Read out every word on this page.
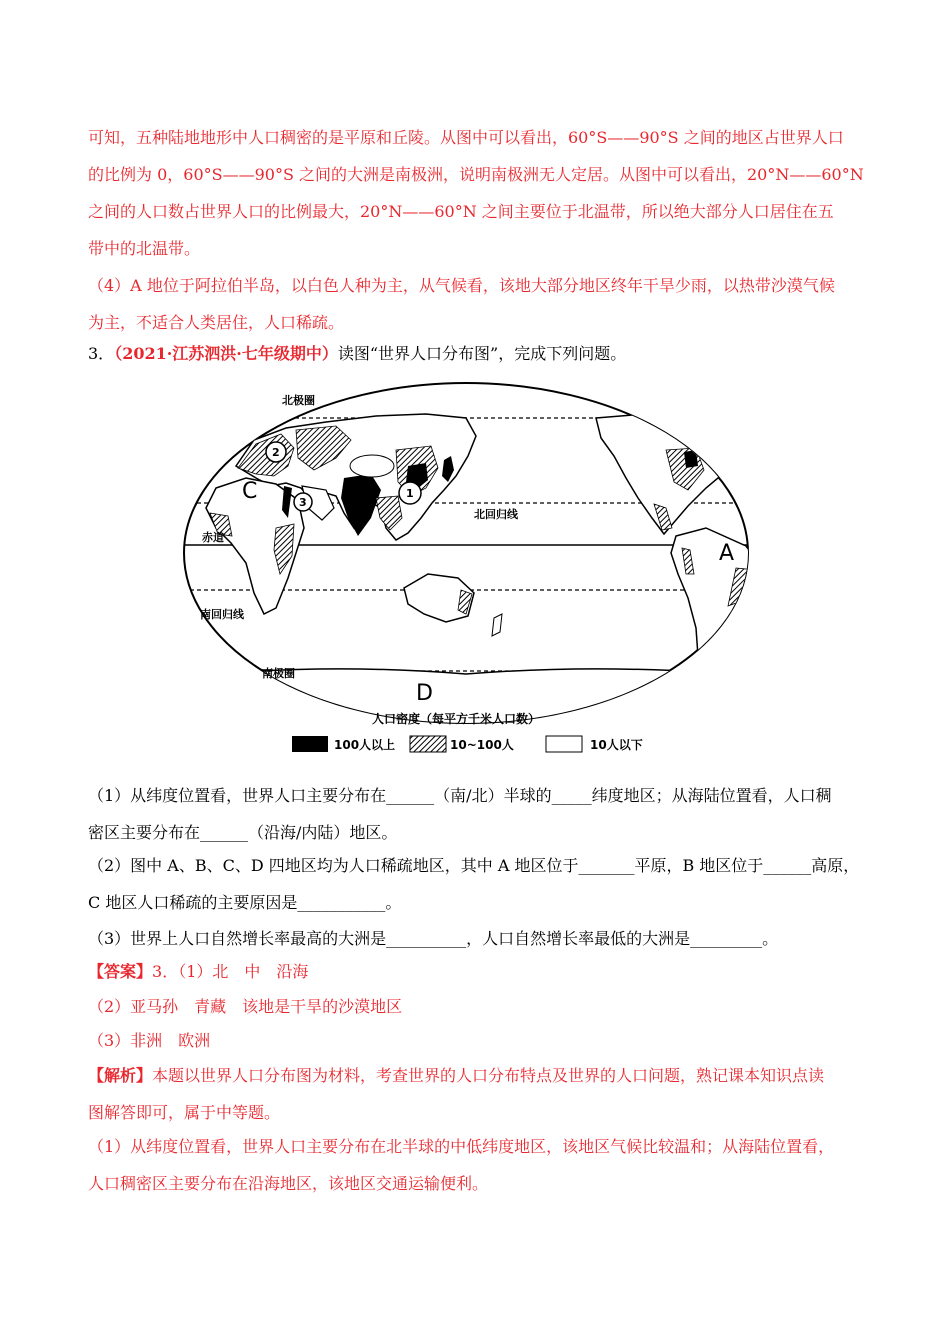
可知，五种陆地地形中人口稠密的是平原和丘陵。从图中可以看出，60°S——90°S 之间的地区占世界人口
的比例为 0，60°S——90°S 之间的大洲是南极洲，说明南极洲无人定居。从图中可以看出，20°N——60°N
之间的人口数占世界人口的比例最大，20°N——60°N 之间主要位于北温带，所以绝大部分人口居住在五
带中的北温带。
（4）A 地位于阿拉伯半岛，以白色人种为主，从气候看，该地大部分地区终年干旱少雨，以热带沙漠气候
为主，不适合人类居住，人口稀疏。
3．（2021·江苏泗洪·七年级期中）读图“世界人口分布图”，完成下列问题。
北极圈
北回归线
赤道
南回归线
南极圈
C	B
A
D
2
3
1
人口密度（每平方千米人口数）
100人以上	10~100人	10人以下
（1）从纬度位置看，世界人口主要分布在______（南/北）半球的_____纬度地区；从海陆位置看，人口稠
密区主要分布在______（沿海/内陆）地区。
（2）图中 A、B、C、D 四地区均为人口稀疏地区，其中 A 地区位于_______平原，B 地区位于______高原，
C 地区人口稀疏的主要原因是___________。
（3）世界上人口自然增长率最高的大洲是__________，人口自然增长率最低的大洲是_________。
【答案】3．（1）北　中　沿海
（2）亚马孙　青藏　该地是干旱的沙漠地区
（3）非洲　欧洲
【解析】本题以世界人口分布图为材料，考查世界的人口分布特点及世界的人口问题，熟记课本知识点读
图解答即可，属于中等题。
（1）从纬度位置看，世界人口主要分布在北半球的中低纬度地区，该地区气候比较温和；从海陆位置看，
人口稠密区主要分布在沿海地区，该地区交通运输便利。
